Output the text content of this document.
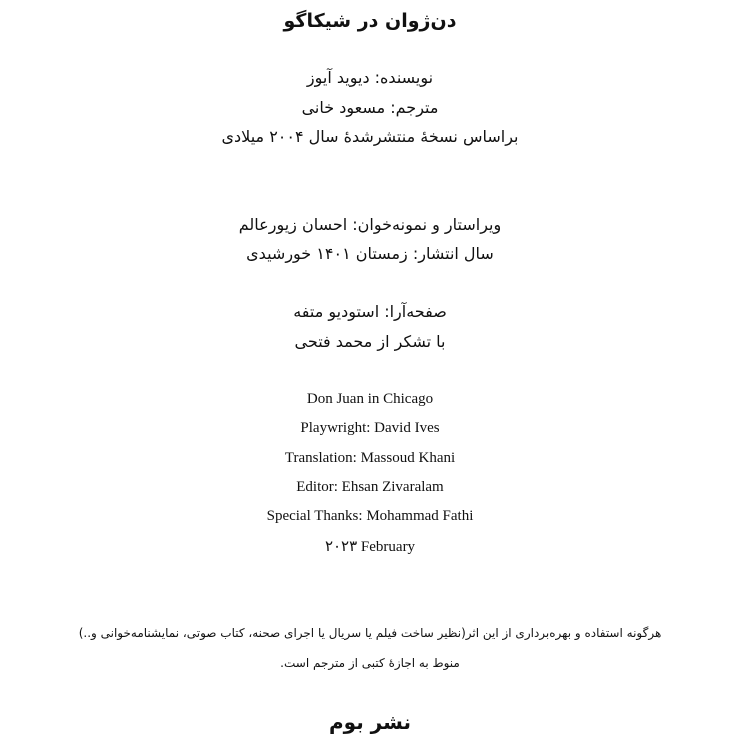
دن‌ژوان در شیکاگو
نویسنده: دیوید آیوز
مترجم: مسعود خانی
براساس نسخهٔ منتشرشدهٔ سال ۲۰۰۴ میلادی
ویراستار و نمونه‌خوان: احسان زیورعالم
سال انتشار: زمستان ۱۴۰۱ خورشیدی
صفحه‌آرا: استودیو متفه
با تشکر از محمد فتحی
Don Juan in Chicago
Playwright: David Ives
Translation: Massoud Khani
Editor: Ehsan Zivaralam
Special Thanks: Mohammad Fathi
۲۰۲۳ February
هرگونه استفاده و بهره‌برداری از این اثر(نظیر ساخت فیلم یا سریال یا اجرای صحنه، کتاب صوتی، نمایشنامه‌خوانی و..)
منوط به اجازهٔ کتبی از مترجم است.
نشر بوم
